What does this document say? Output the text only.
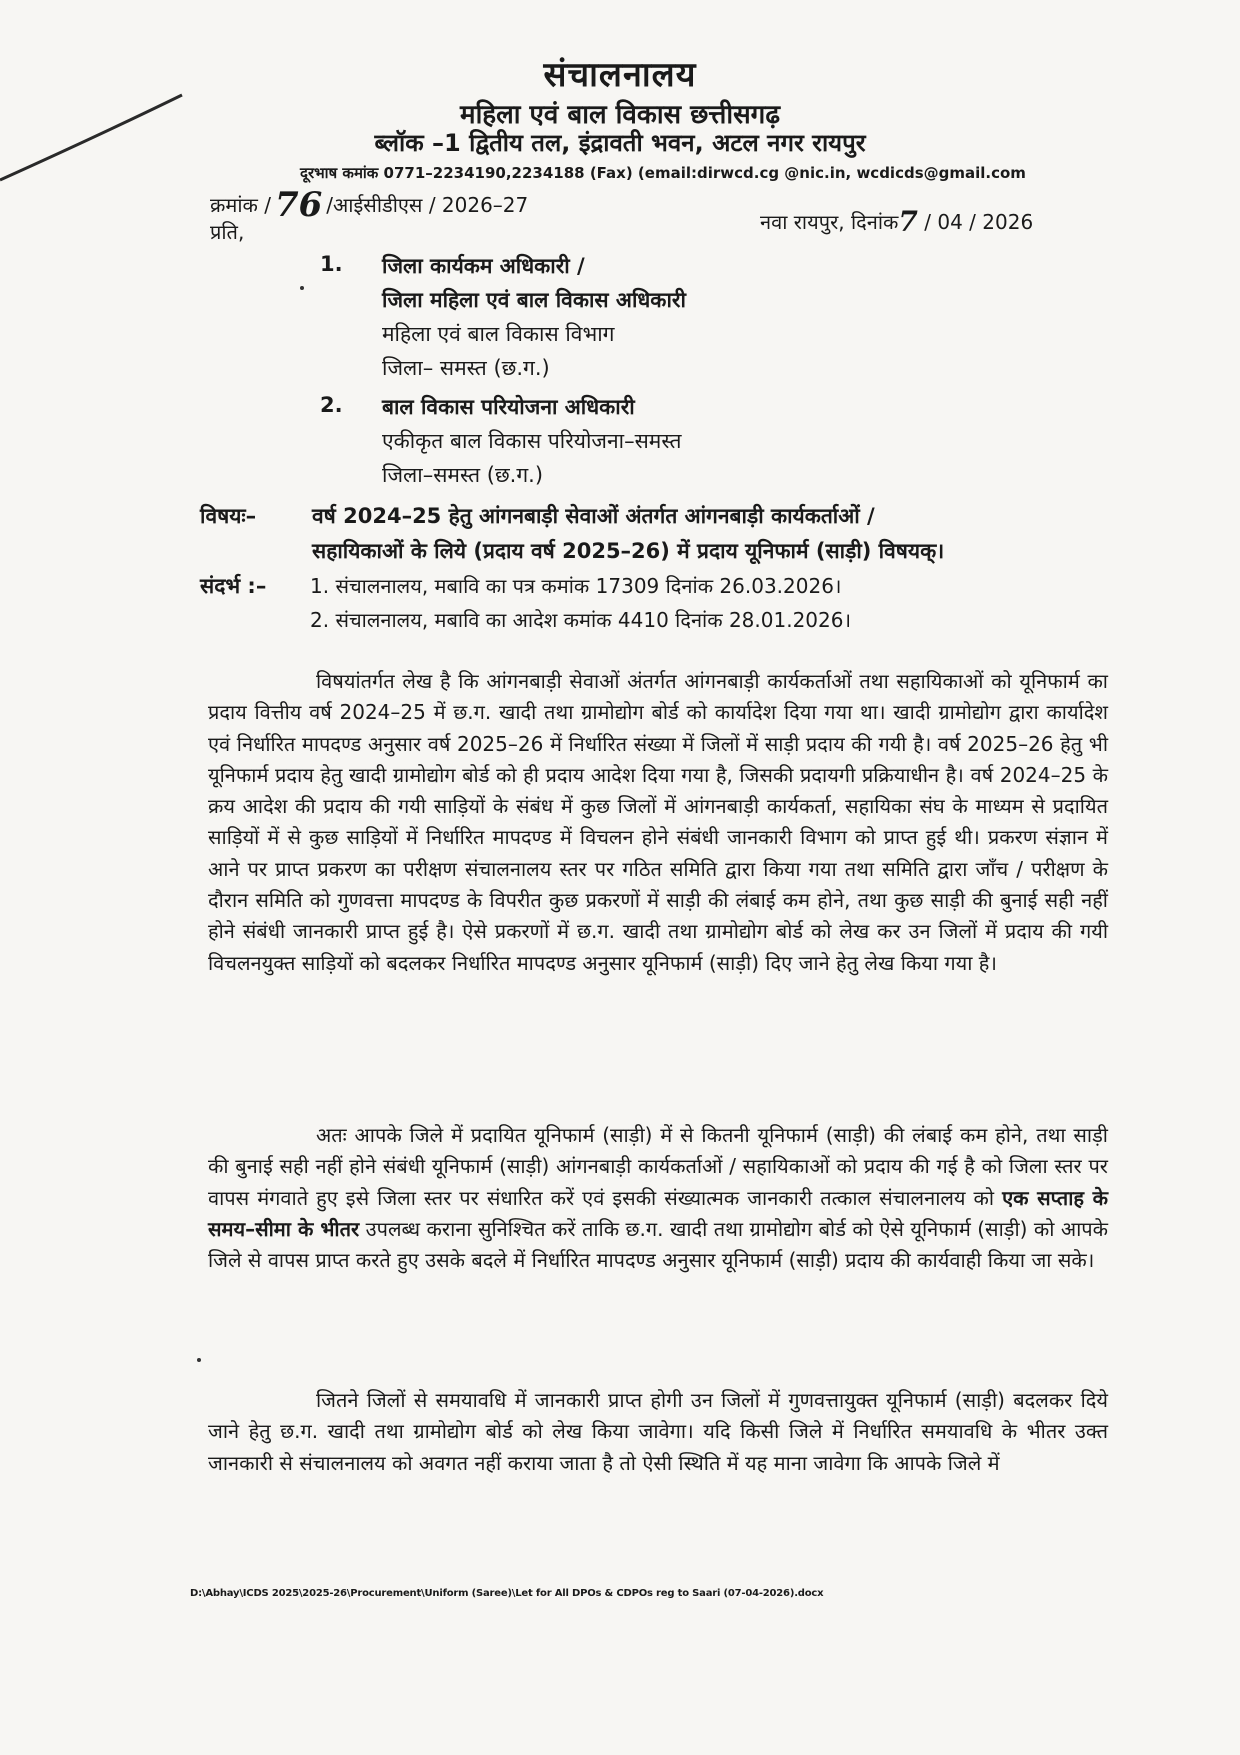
संचालनालय
महिला एवं बाल विकास छत्तीसगढ़
ब्लॉक –1 द्वितीय तल, इंद्रावती भवन, अटल नगर रायपुर
दूरभाष कमांक 0771–2234190,2234188 (Fax) (email:dirwcd.cg @nic.in, wcdicds@gmail.com
क्रमांक / 76 /आईसीडीएस / 2026–27
नवा रायपुर, दिनांक7 / 04 / 2026
प्रति,
1. जिला कार्यकम अधिकारी /
जिला महिला एवं बाल विकास अधिकारी
महिला एवं बाल विकास विभाग
जिला– समस्त (छ.ग.)
2. बाल विकास परियोजना अधिकारी
एकीकृत बाल विकास परियोजना–समस्त
जिला–समस्त (छ.ग.)
विषयः–	वर्ष 2024–25 हेतु आंगनबाड़ी सेवाओं अंतर्गत आंगनबाड़ी कार्यकर्ताओं /
सहायिकाओं के लिये (प्रदाय वर्ष 2025–26) में प्रदाय यूनिफार्म (साड़ी) विषयक्।
संदर्भ :– 1. संचालनालय, मबावि का पत्र कमांक 17309 दिनांक 26.03.2026।
2. संचालनालय, मबावि का आदेश कमांक 4410 दिनांक 28.01.2026।
विषयांतर्गत लेख है कि आंगनबाड़ी सेवाओं अंतर्गत आंगनबाड़ी कार्यकर्ताओं तथा सहायिकाओं को यूनिफार्म का प्रदाय वित्तीय वर्ष 2024–25 में छ.ग. खादी तथा ग्रामोद्योग बोर्ड को कार्यादेश दिया गया था। खादी ग्रामोद्योग द्वारा कार्यादेश एवं निर्धारित मापदण्ड अनुसार वर्ष 2025–26 में निर्धारित संख्या में जिलों में साड़ी प्रदाय की गयी है। वर्ष 2025–26 हेतु भी यूनिफार्म प्रदाय हेतु खादी ग्रामोद्योग बोर्ड को ही प्रदाय आदेश दिया गया है, जिसकी प्रदायगी प्रक्रियाधीन है। वर्ष 2024–25 के क्रय आदेश की प्रदाय की गयी साड़ियों के संबंध में कुछ जिलों में आंगनबाड़ी कार्यकर्ता, सहायिका संघ के माध्यम से प्रदायित साड़ियों में से कुछ साड़ियों में निर्धारित मापदण्ड में विचलन होने संबंधी जानकारी विभाग को प्राप्त हुई थी। प्रकरण संज्ञान में आने पर प्राप्त प्रकरण का परीक्षण संचालनालय स्तर पर गठित समिति द्वारा किया गया तथा समिति द्वारा जाँच / परीक्षण के दौरान समिति को गुणवत्ता मापदण्ड के विपरीत कुछ प्रकरणों में साड़ी की लंबाई कम होने, तथा कुछ साड़ी की बुनाई सही नहीं होने संबंधी जानकारी प्राप्त हुई है। ऐसे प्रकरणों में छ.ग. खादी तथा ग्रामोद्योग बोर्ड को लेख कर उन जिलों में प्रदाय की गयी विचलनयुक्त साड़ियों को बदलकर निर्धारित मापदण्ड अनुसार यूनिफार्म (साड़ी) दिए जाने हेतु लेख किया गया है।
अतः आपके जिले में प्रदायित यूनिफार्म (साड़ी) में से कितनी यूनिफार्म (साड़ी) की लंबाई कम होने, तथा साड़ी की बुनाई सही नहीं होने संबंधी यूनिफार्म (साड़ी) आंगनबाड़ी कार्यकर्ताओं / सहायिकाओं को प्रदाय की गई है को जिला स्तर पर वापस मंगवाते हुए इसे जिला स्तर पर संधारित करें एवं इसकी संख्यात्मक जानकारी तत्काल संचालनालय को एक सप्ताह के समय–सीमा के भीतर उपलब्ध कराना सुनिश्चित करें ताकि छ.ग. खादी तथा ग्रामोद्योग बोर्ड को ऐसे यूनिफार्म (साड़ी) को आपके जिले से वापस प्राप्त करते हुए उसके बदले में निर्धारित मापदण्ड अनुसार यूनिफार्म (साड़ी) प्रदाय की कार्यवाही किया जा सके।
जितने जिलों से समयावधि में जानकारी प्राप्त होगी उन जिलों में गुणवत्तायुक्त यूनिफार्म (साड़ी) बदलकर दिये जाने हेतु छ.ग. खादी तथा ग्रामोद्योग बोर्ड को लेख किया जावेगा। यदि किसी जिले में निर्धारित समयावधि के भीतर उक्त जानकारी से संचालनालय को अवगत नहीं कराया जाता है तो ऐसी स्थिति में यह माना जावेगा कि आपके जिले में
D:\Abhay\ICDS 2025\2025-26\Procurement\Uniform (Saree)\Let for All DPOs & CDPOs reg to Saari (07-04-2026).docx
